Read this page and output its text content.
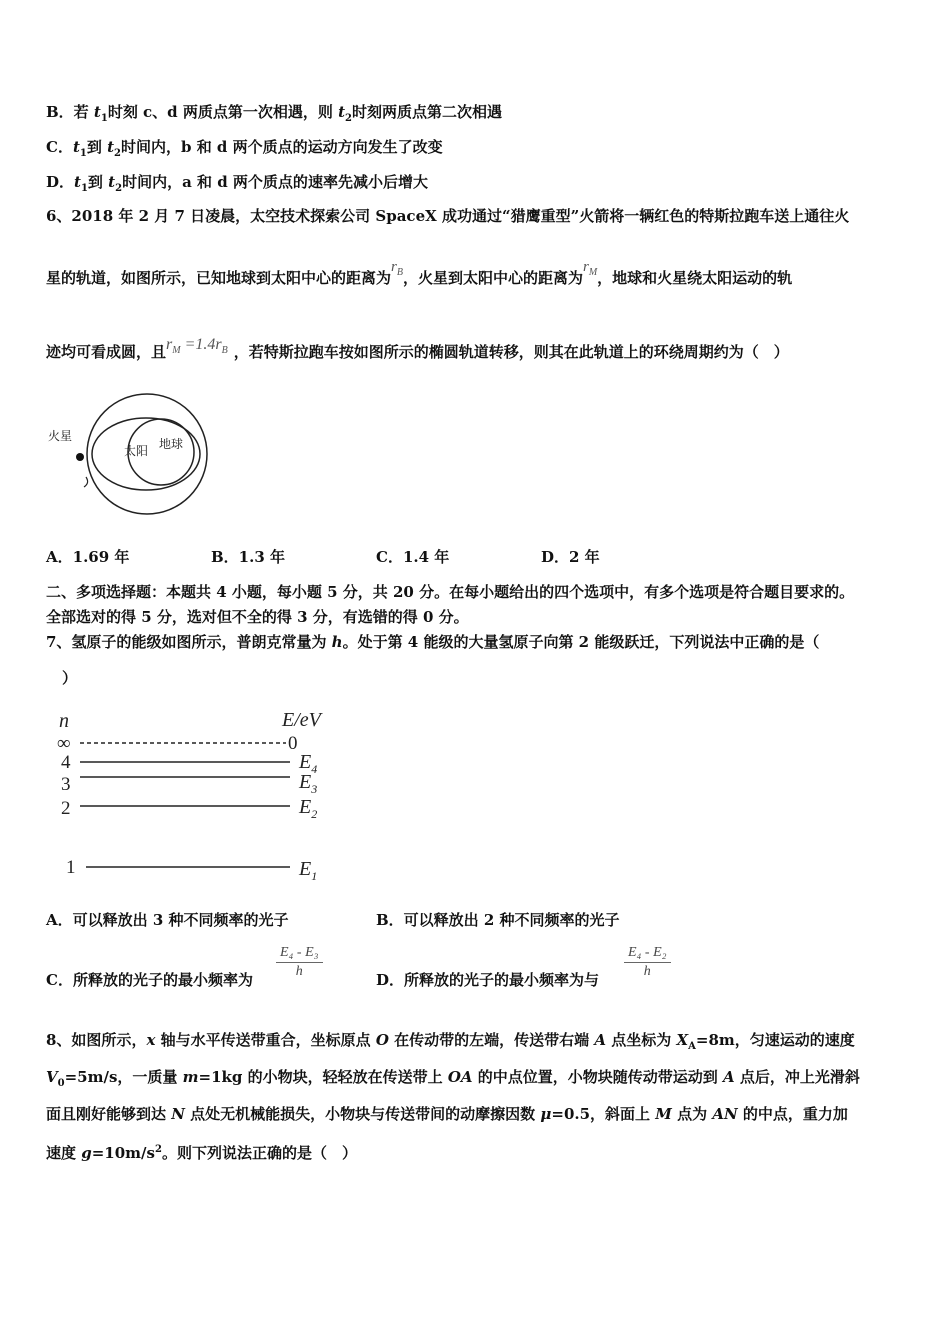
B．若 $t_1$时刻 c、d 两质点第一次相遇，则 $t_2$时刻两质点第二次相遇
C．$t_1$到 $t_2$时间内，b 和 d 两个质点的运动方向发生了改变
D．$t_1$到 $t_2$时间内，a 和 d 两个质点的速率先减小后增大
6、2018 年 2 月 7 日凌晨，太空技术探索公司 SpaceX 成功通过“猎鹰重型”火箭将一辆红色的特斯拉跑车送上通往火
星的轨道，如图所示，已知地球到太阳中心的距离为$r_B$，火星到太阳中心的距离为$r_M$，地球和火星绕太阳运动的轨
迹均可看成圆，且$r_M =1.4r_B$ ，若特斯拉跑车按如图所示的椭圆轨道转移，则其在此轨道上的环绕周期约为（　）
火星
太阳 地球
A．1.69 年	B．1.3 年	C．1.4 年	D．2 年
二、多项选择题：本题共 4 小题，每小题 5 分，共 20 分。在每小题给出的四个选项中，有多个选项是符合题目要求的。
全部选对的得 5 分，选对但不全的得 3 分，有选错的得 0 分。
7、氢原子的能级如图所示，普朗克常量为 h。处于第 4 能级的大量氢原子向第 2 能级跃迁，下列说法中正确的是（
）
n	E/eV
∞	0
4	$E_4$
3	$E_3$
2	$E_2$
1	$E_1$
A．可以释放出 3 种不同频率的光子	B．可以释放出 2 种不同频率的光子
C．所释放的光子的最小频率为 $\frac{\text{E₄ - E₃}}{h}$	D．所释放的光子的最小频率为与 $\frac{\text{E₄ - E₂}}{h}$
8、如图所示，x 轴与水平传送带重合，坐标原点 O 在传动带的左端，传送带右端 A 点坐标为 $X_A=8m$，匀速运动的速度
$V_0=5m/s$，一质量 m=1kg 的小物块，轻轻放在传送带上 OA 的中点位置，小物块随传动带运动到 A 点后，冲上光滑斜
面且刚好能够到达 N 点处无机械能损失，小物块与传送带间的动摩擦因数 μ=0.5，斜面上 M 点为 AN 的中点，重力加
速度 $g=10m/s^2$。则下列说法正确的是（　）
